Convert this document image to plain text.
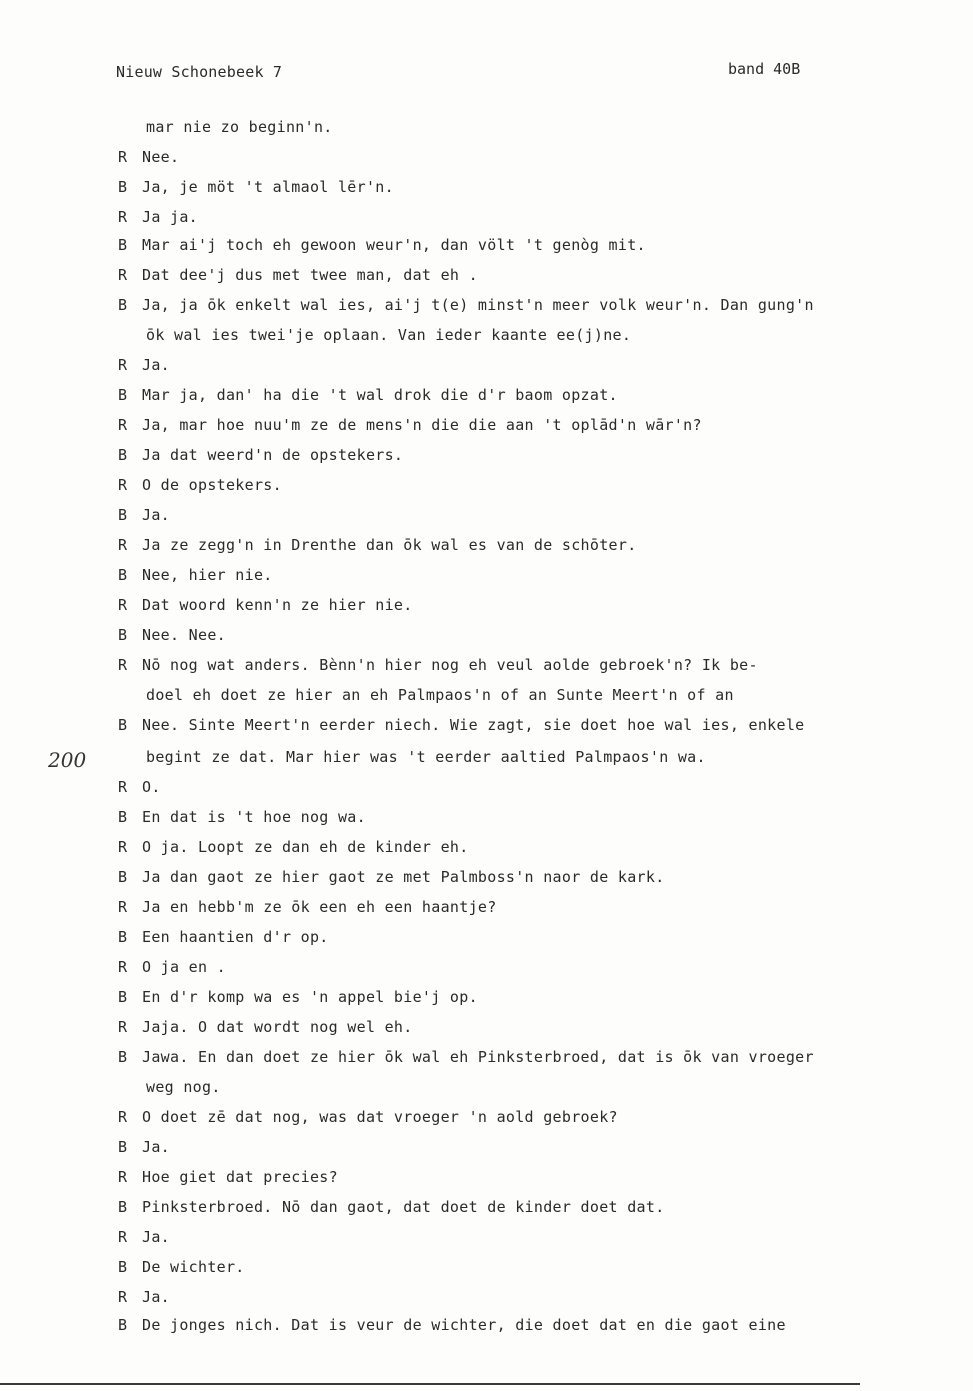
Nieuw Schonebeek 7	band 40B
200
mar nie zo beginn'n.
R Nee.
B Ja, je möt 't almaol lēr'n.
R Ja ja.
B Mar ai'j toch eh gewoon weur'n, dan völt 't genòg mit.
R Dat dee'j dus met twee man, dat eh .
B Ja, ja ōk enkelt wal ies, ai'j t(e) minst'n meer volk weur'n. Dan gung'n
ōk wal ies twei'je oplaan. Van ieder kaante ee(j)ne.
R Ja.
B Mar ja, dan' ha die 't wal drok die d'r baom opzat.
R Ja, mar hoe nuu'm ze de mens'n die die aan 't oplād'n wār'n?
B Ja dat weerd'n de opstekers.
R O de opstekers.
B Ja.
R Ja ze zegg'n in Drenthe dan ōk wal es van de schōter.
B Nee, hier nie.
R Dat woord kenn'n ze hier nie.
B Nee. Nee.
R Nō nog wat anders. Bènn'n hier nog eh veul aolde gebroek'n? Ik be-
doel eh doet ze hier an eh Palmpaos'n of an Sunte Meert'n of an
B Nee. Sinte Meert'n eerder niech. Wie zagt, sie doet hoe wal ies, enkele
begint ze dat. Mar hier was 't eerder aaltied Palmpaos'n wa.
R O.
B En dat is 't hoe nog wa.
R O ja. Loopt ze dan eh de kinder eh.
B Ja dan gaot ze hier gaot ze met Palmboss'n naor de kark.
R Ja en hebb'm ze ōk een eh een haantje?
B Een haantien d'r op.
R O ja en .
B En d'r komp wa es 'n appel bie'j op.
R Jaja. O dat wordt nog wel eh.
B Jawa. En dan doet ze hier ōk wal eh Pinksterbroed, dat is ōk van vroeger
weg nog.
R O doet zē dat nog, was dat vroeger 'n aold gebroek?
B Ja.
R Hoe giet dat precies?
B Pinksterbroed. Nō dan gaot, dat doet de kinder doet dat.
R Ja.
B De wichter.
R Ja.
B De jonges nich. Dat is veur de wichter, die doet dat en die gaot eine
